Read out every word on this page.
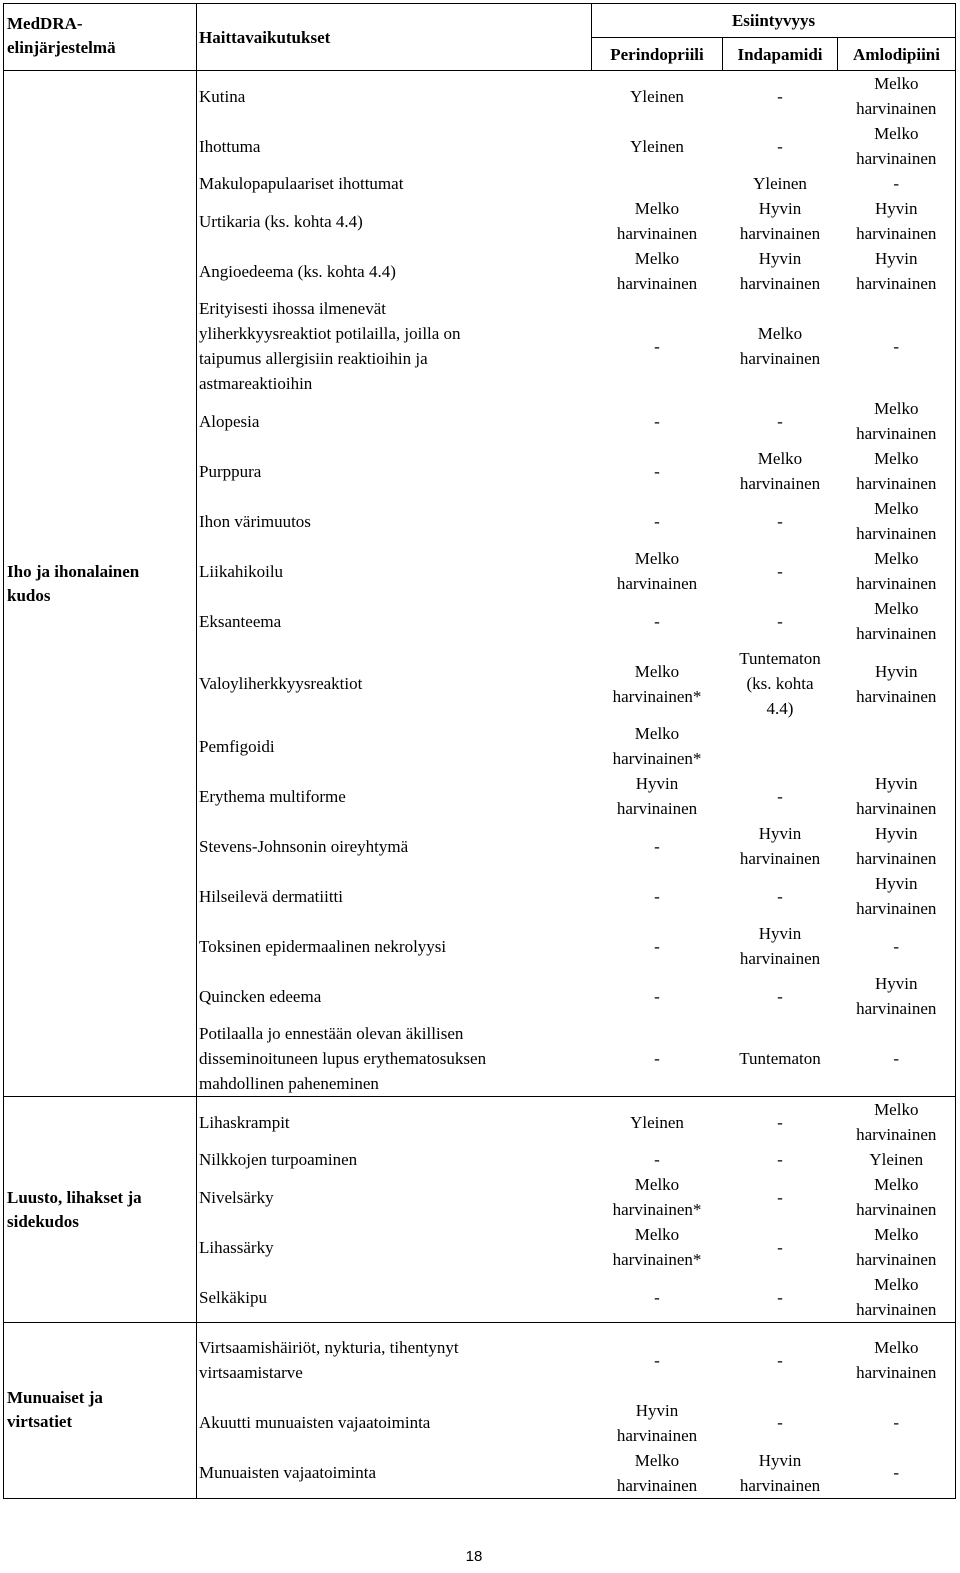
MedDRA-
elinjärjestelmä	Haittavaikutukset	Esiintyvyys		
		Perindopriili	Indapamidi	Amlodipiini
Iho ja ihonalainen
kudos	Kutina	Yleinen	-	Melko
harvinainen
	Ihottuma	Yleinen	-	Melko
harvinainen
	Makulopapulaariset ihottumat		Yleinen	-
	Urtikaria (ks. kohta 4.4)	Melko
harvinainen	Hyvin
harvinainen	Hyvin
harvinainen
	Angioedeema (ks. kohta 4.4)	Melko
harvinainen	Hyvin
harvinainen	Hyvin
harvinainen
	Erityisesti ihossa ilmenevät
yliherkkyysreaktiot potilailla, joilla on
taipumus allergisiin reaktioihin ja
astmareaktioihin	-	Melko
harvinainen	-
	Alopesia	-	-	Melko
harvinainen
	Purppura	-	Melko
harvinainen	Melko
harvinainen
	Ihon värimuutos	-	-	Melko
harvinainen
	Liikahikoilu	Melko
harvinainen	-	Melko
harvinainen
	Eksanteema	-	-	Melko
harvinainen
	Valoyliherkkyysreaktiot	Melko
harvinainen*	Tuntematon
(ks. kohta
4.4)	Hyvin
harvinainen
	Pemfigoidi	Melko
harvinainen*		
	Erythema multiforme	Hyvin
harvinainen	-	Hyvin
harvinainen
	Stevens-Johnsonin oireyhtymä	-	Hyvin
harvinainen	Hyvin
harvinainen
	Hilseilevä dermatiitti	-	-	Hyvin
harvinainen
	Toksinen epidermaalinen nekrolyysi	-	Hyvin
harvinainen	-
	Quincken edeema	-	-	Hyvin
harvinainen
	Potilaalla jo ennestään olevan äkillisen
disseminoituneen lupus erythematosuksen
mahdollinen paheneminen	-	Tuntematon	-
Luusto, lihakset ja
sidekudos	Lihaskrampit	Yleinen	-	Melko
harvinainen
	Nilkkojen turpoaminen	-	-	Yleinen
	Nivelsärky	Melko
harvinainen*	-	Melko
harvinainen
	Lihassärky	Melko
harvinainen*	-	Melko
harvinainen
	Selkäkipu	-	-	Melko
harvinainen
Munuaiset ja
virtsatiet	Virtsaamishäiriöt, nykturia, tihentynyt
virtsaamistarve	-	-	Melko
harvinainen
	Akuutti munuaisten vajaatoiminta	Hyvin
harvinainen	-	-
	Munuaisten vajaatoiminta	Melko
harvinainen	Hyvin
harvinainen	-
18
